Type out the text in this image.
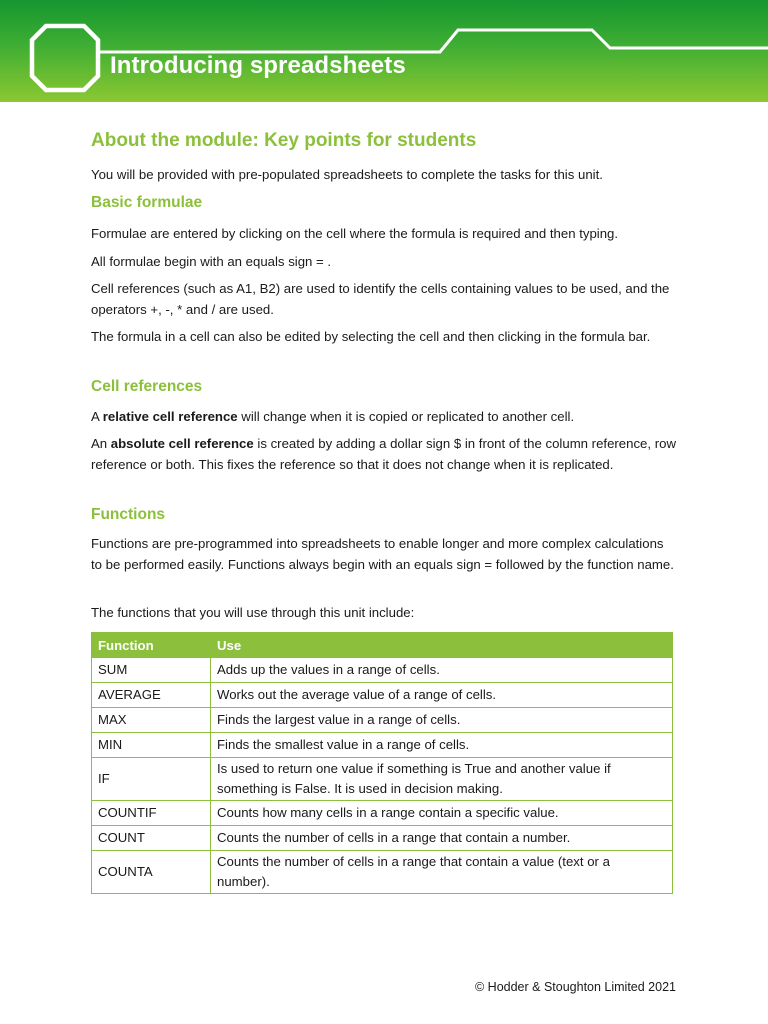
Introducing spreadsheets
About the module: Key points for students
You will be provided with pre-populated spreadsheets to complete the tasks for this unit.
Basic formulae
Formulae are entered by clicking on the cell where the formula is required and then typing.
All formulae begin with an equals sign = .
Cell references (such as A1, B2) are used to identify the cells containing values to be used, and the operators +, -, * and / are used.
The formula in a cell can also be edited by selecting the cell and then clicking in the formula bar.
Cell references
A relative cell reference will change when it is copied or replicated to another cell.
An absolute cell reference is created by adding a dollar sign $ in front of the column reference, row reference or both. This fixes the reference so that it does not change when it is replicated.
Functions
Functions are pre-programmed into spreadsheets to enable longer and more complex calculations to be performed easily. Functions always begin with an equals sign = followed by the function name.
The functions that you will use through this unit include:
Function	Use
SUM	Adds up the values in a range of cells.
AVERAGE	Works out the average value of a range of cells.
MAX	Finds the largest value in a range of cells.
MIN	Finds the smallest value in a range of cells.
IF	Is used to return one value if something is True and another value if something is False. It is used in decision making.
COUNTIF	Counts how many cells in a range contain a specific value.
COUNT	Counts the number of cells in a range that contain a number.
COUNTA	Counts the number of cells in a range that contain a value (text or a number).
© Hodder & Stoughton Limited 2021
